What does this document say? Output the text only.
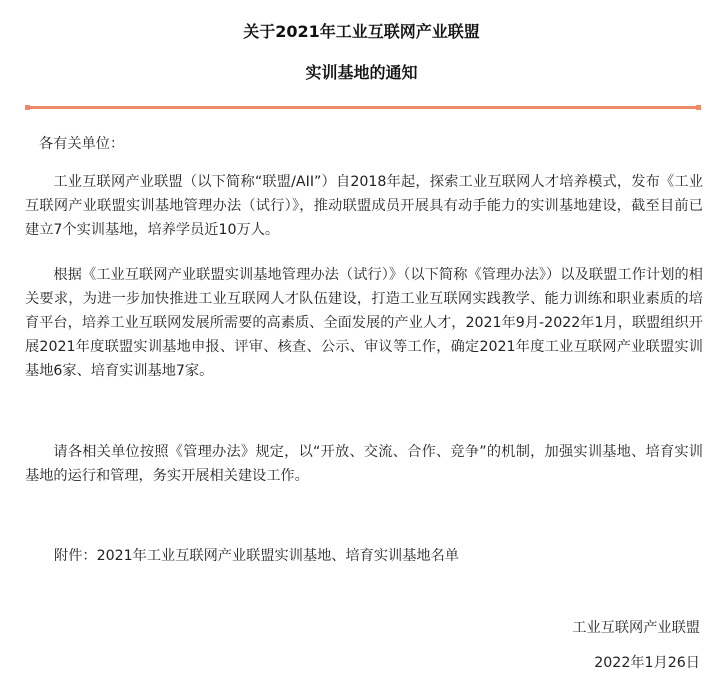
关于2021年工业互联网产业联盟
实训基地的通知

各有关单位：

工业互联网产业联盟（以下简称“联盟/AII”）自2018年起，探索工业互联网人才培养模式，发布《工业互联网产业联盟实训基地管理办法（试行）》，推动联盟成员开展具有动手能力的实训基地建设，截至目前已建立7个实训基地，培养学员近10万人。

根据《工业互联网产业联盟实训基地管理办法（试行）》（以下简称《管理办法》）以及联盟工作计划的相关要求，为进一步加快推进工业互联网人才队伍建设，打造工业互联网实践教学、能力训练和职业素质的培育平台，培养工业互联网发展所需要的高素质、全面发展的产业人才，2021年9月-2022年1月，联盟组织开展2021年度联盟实训基地申报、评审、核查、公示、审议等工作，确定2021年度工业互联网产业联盟实训基地6家、培育实训基地7家。

请各相关单位按照《管理办法》规定，以“开放、交流、合作、竞争”的机制，加强实训基地、培育实训基地的运行和管理，务实开展相关建设工作。

附件：2021年工业互联网产业联盟实训基地、培育实训基地名单

工业互联网产业联盟
2022年1月26日
